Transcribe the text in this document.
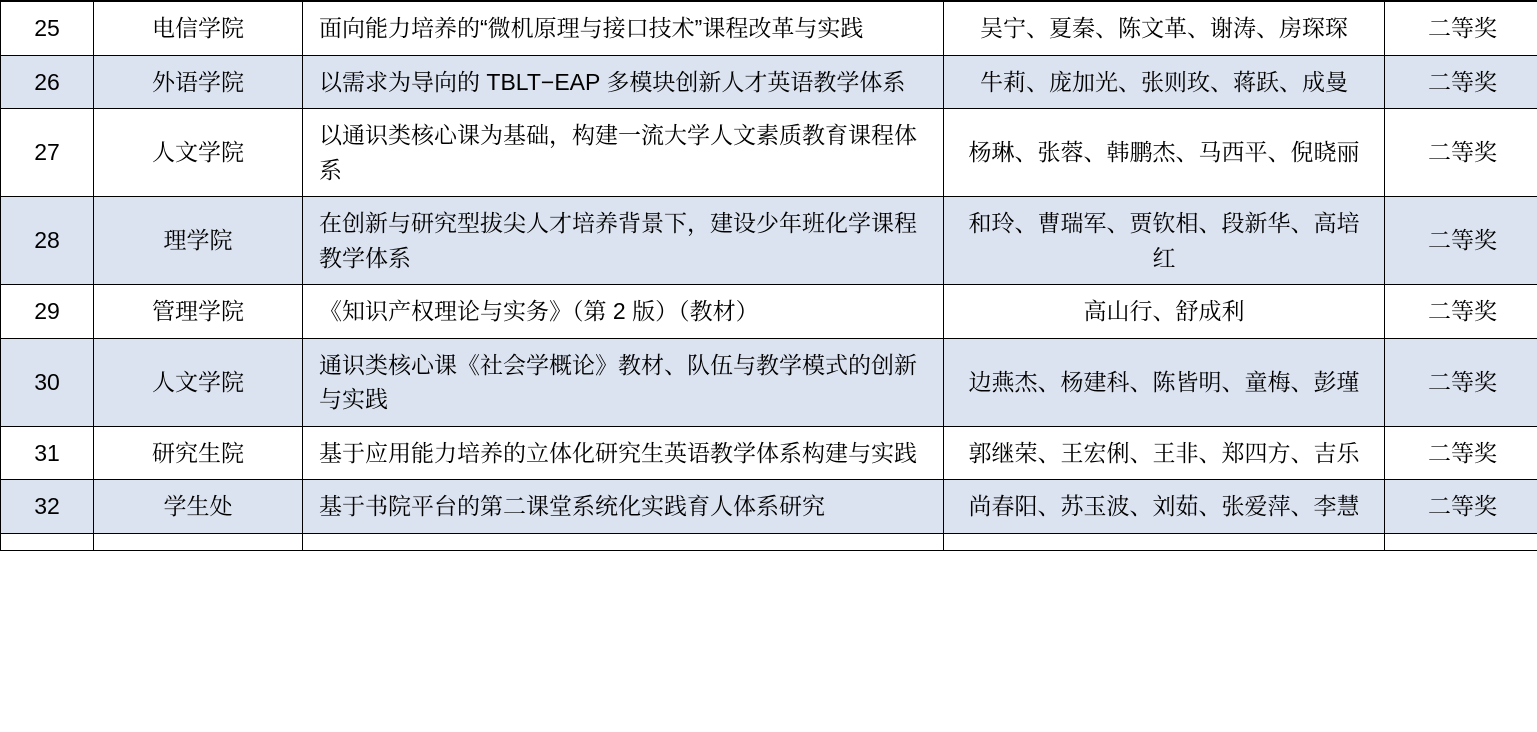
25	电信学院	面向能力培养的“微机原理与接口技术”课程改革与实践	吴宁、夏秦、陈文革、谢涛、房琛琛	二等奖

26	外语学院	以需求为导向的 TBLT−EAP 多模块创新人才英语教学体系	牛莉、庞加光、张则玫、蒋跃、成曼	二等奖

27	人文学院	以通识类核心课为基础，构建一流大学人文素质教育课程体系	杨琳、张蓉、韩鹏杰、马西平、倪晓丽	二等奖

28	理学院	在创新与研究型拔尖人才培养背景下，建设少年班化学课程教学体系	和玲、曹瑞军、贾钦相、段新华、高培红	二等奖

29	管理学院	《知识产权理论与实务》（第 2 版）（教材）	高山行、舒成利	二等奖

30	人文学院	通识类核心课《社会学概论》教材、队伍与教学模式的创新与实践	边燕杰、杨建科、陈皆明、童梅、彭瑾	二等奖

31	研究生院	基于应用能力培养的立体化研究生英语教学体系构建与实践	郭继荣、王宏俐、王非、郑四方、吉乐	二等奖

32	学生处	基于书院平台的第二课堂系统化实践育人体系研究	尚春阳、苏玉波、刘茹、张爱萍、李慧	二等奖
